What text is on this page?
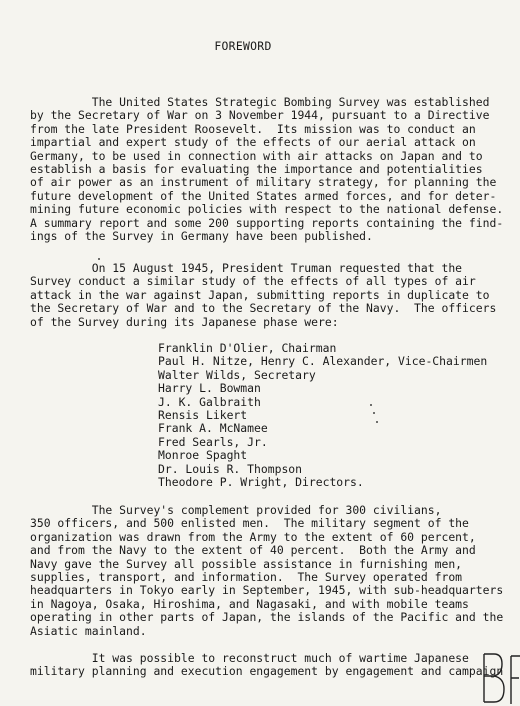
FOREWORD
The United States Strategic Bombing Survey was established
by the Secretary of War on 3 November 1944, pursuant to a Directive
from the late President Roosevelt.  Its mission was to conduct an
impartial and expert study of the effects of our aerial attack on
Germany, to be used in connection with air attacks on Japan and to
establish a basis for evaluating the importance and potentialities
of air power as an instrument of military strategy, for planning the
future development of the United States armed forces, and for deter-
mining future economic policies with respect to the national defense.
A summary report and some 200 supporting reports containing the find-
ings of the Survey in Germany have been published.
On 15 August 1945, President Truman requested that the
Survey conduct a similar study of the effects of all types of air
attack in the war against Japan, submitting reports in duplicate to
the Secretary of War and to the Secretary of the Navy.  The officers
of the Survey during its Japanese phase were:
Franklin D'Olier, Chairman
Paul H. Nitze, Henry C. Alexander, Vice-Chairmen
Walter Wilds, Secretary
Harry L. Bowman
J. K. Galbraith
Rensis Likert
Frank A. McNamee
Fred Searls, Jr.
Monroe Spaght
Dr. Louis R. Thompson
Theodore P. Wright, Directors.
The Survey's complement provided for 300 civilians,
350 officers, and 500 enlisted men.  The military segment of the
organization was drawn from the Army to the extent of 60 percent,
and from the Navy to the extent of 40 percent.  Both the Army and
Navy gave the Survey all possible assistance in furnishing men,
supplies, transport, and information.  The Survey operated from
headquarters in Tokyo early in September, 1945, with sub-headquarters
in Nagoya, Osaka, Hiroshima, and Nagasaki, and with mobile teams
operating in other parts of Japan, the islands of the Pacific and the
Asiatic mainland.
It was possible to reconstruct much of wartime Japanese
military planning and execution engagement by engagement and campaign
